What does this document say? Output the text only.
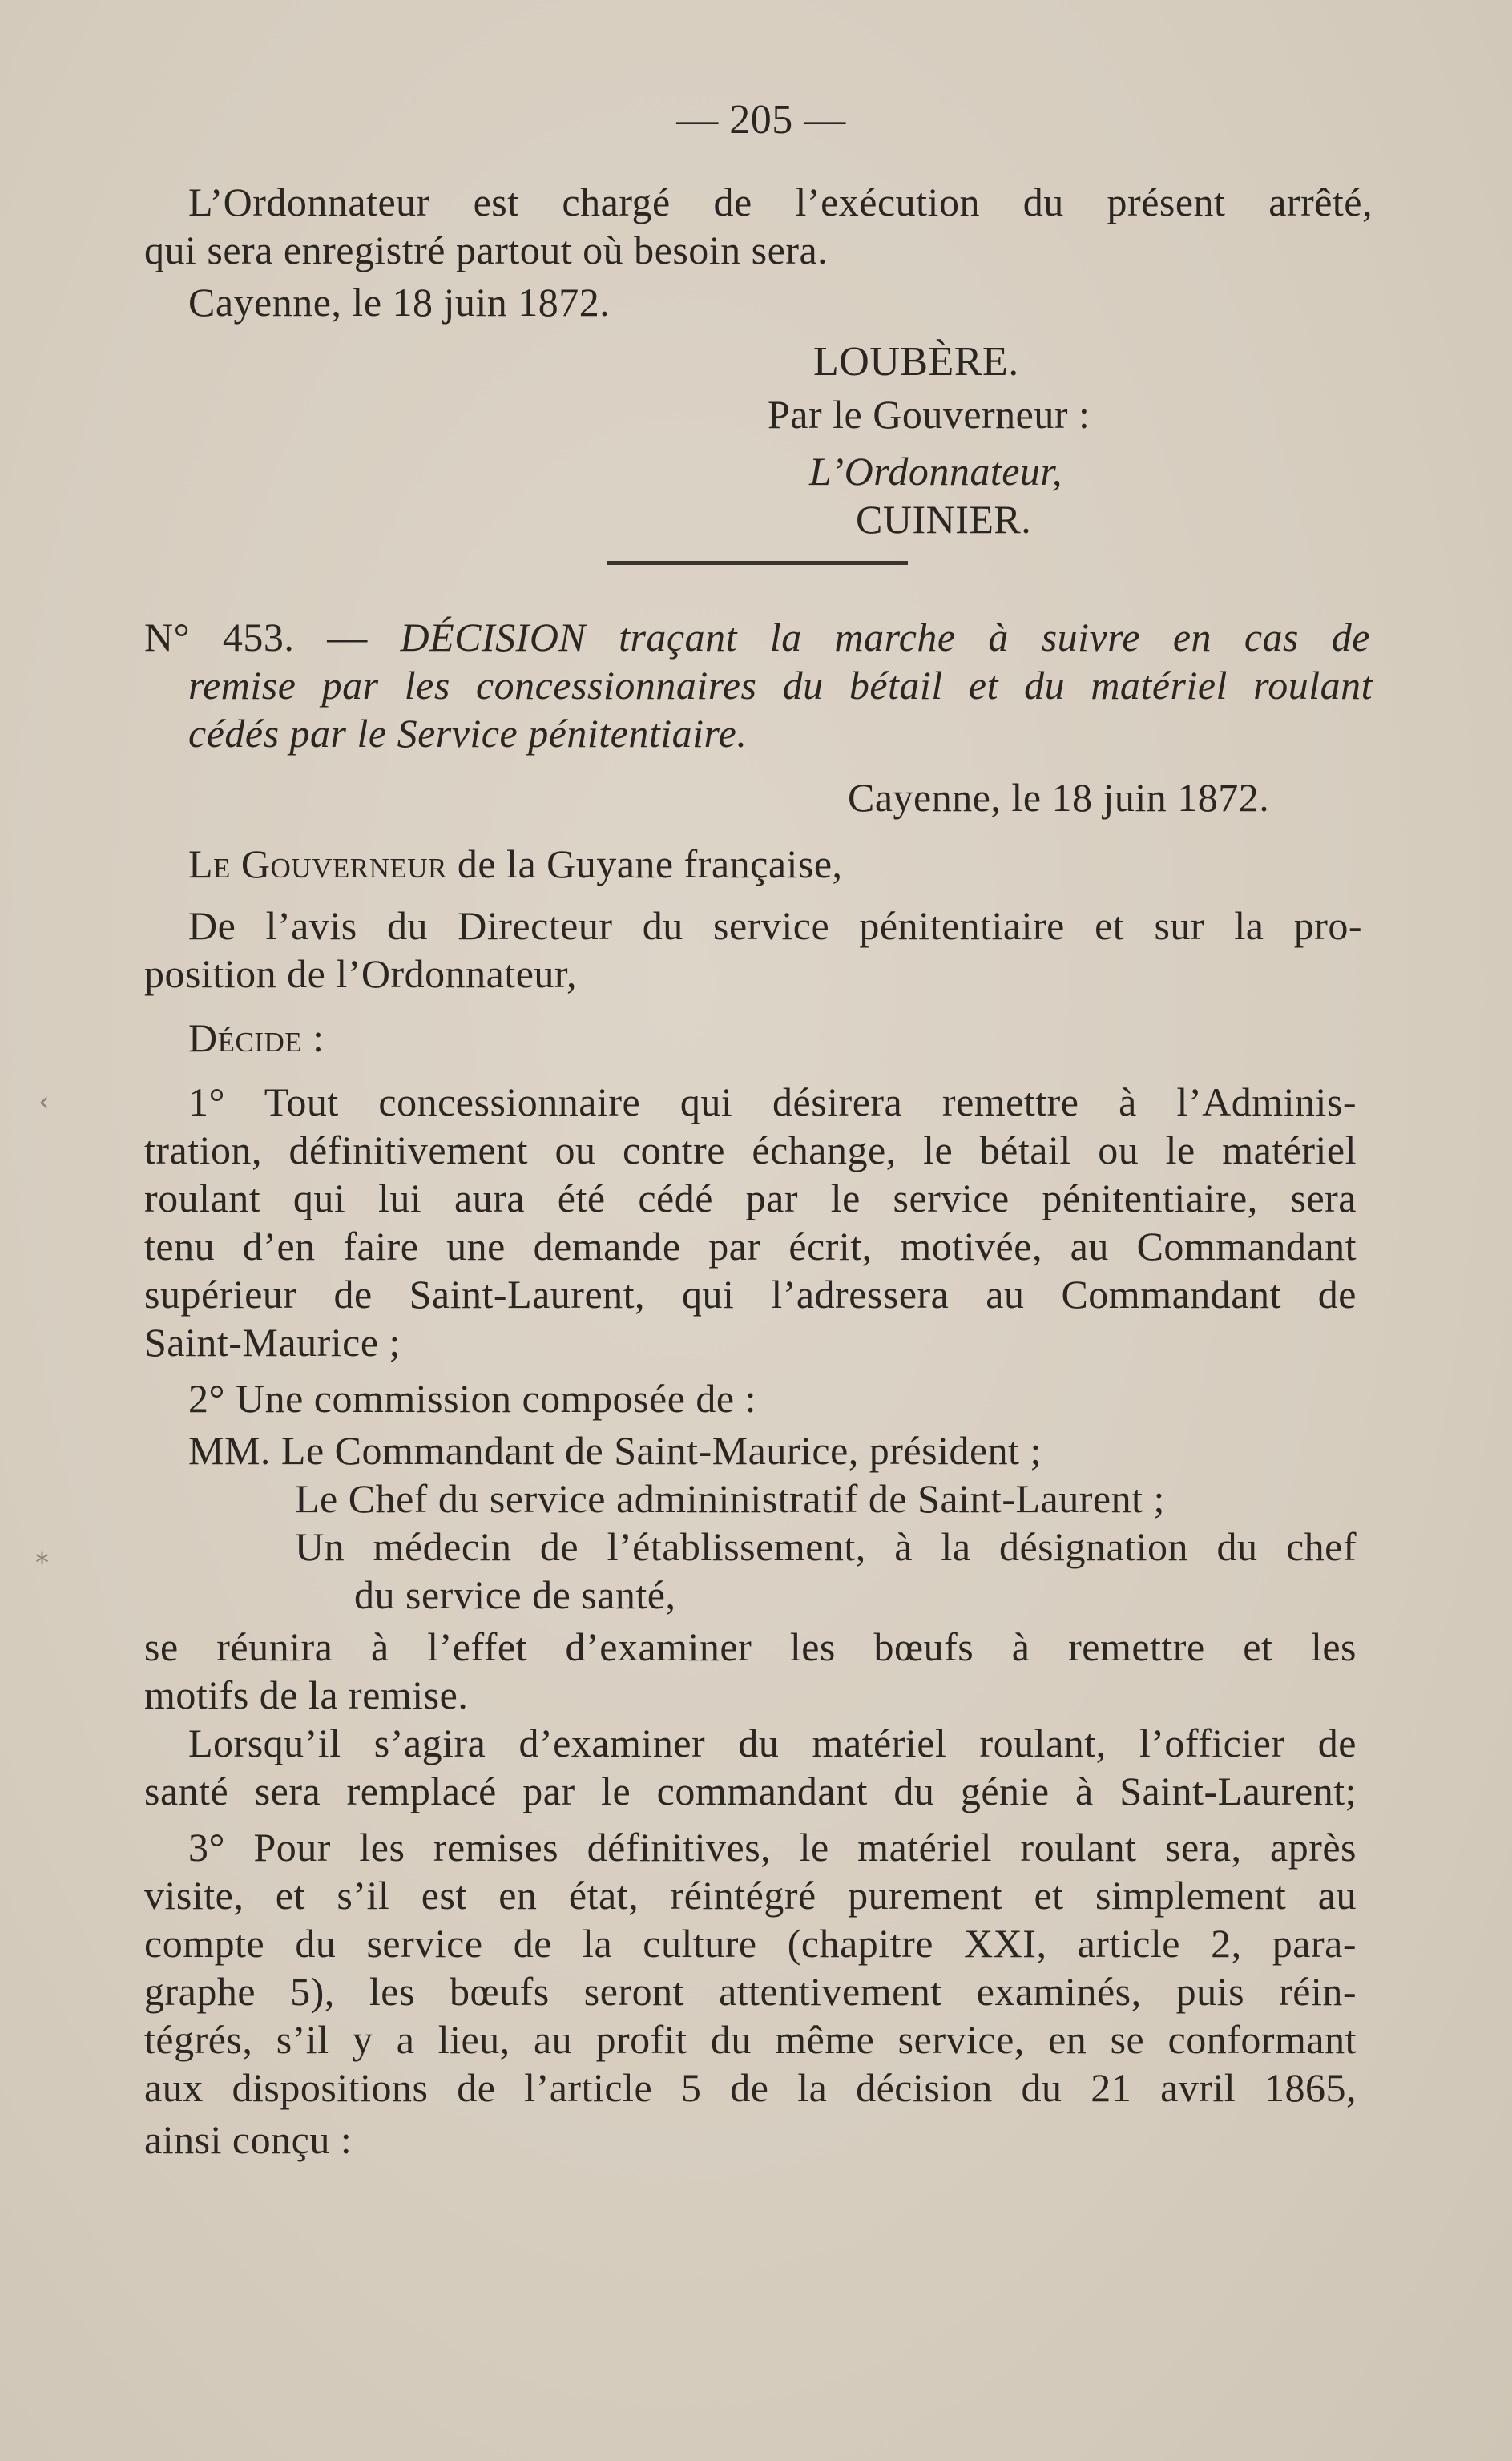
— 205 —
L’Ordonnateur est chargé de l’exécution du présent arrêté,
qui sera enregistré partout où besoin sera.
Cayenne, le 18 juin 1872.
LOUBÈRE.
Par le Gouverneur :
L’Ordonnateur,
CUINIER.
N° 453. — DÉCISION traçant la marche à suivre en cas de
remise par les concessionnaires du bétail et du matériel roulant
cédés par le Service pénitentiaire.
Cayenne, le 18 juin 1872.
Le Gouverneur de la Guyane française,
De l’avis du Directeur du service pénitentiaire et sur la pro-
position de l’Ordonnateur,
Décide :
1° Tout concessionnaire qui désirera remettre à l’Adminis-
tration, définitivement ou contre échange, le bétail ou le matériel
roulant qui lui aura été cédé par le service pénitentiaire, sera
tenu d’en faire une demande par écrit, motivée, au Commandant
supérieur de Saint-Laurent, qui l’adressera au Commandant de
Saint-Maurice ;
2° Une commission composée de :
MM. Le Commandant de Saint-Maurice, président ;
Le Chef du service admininistratif de Saint-Laurent ;
Un médecin de l’établissement, à la désignation du chef
du service de santé,
se réunira à l’effet d’examiner les bœufs à remettre et les
motifs de la remise.
Lorsqu’il s’agira d’examiner du matériel roulant, l’officier de
santé sera remplacé par le commandant du génie à Saint-Laurent;
3° Pour les remises définitives, le matériel roulant sera, après
visite, et s’il est en état, réintégré purement et simplement au
compte du service de la culture (chapitre XXI, article 2, para-
graphe 5), les bœufs seront attentivement examinés, puis réin-
tégrés, s’il y a lieu, au profit du même service, en se conformant
aux dispositions de l’article 5 de la décision du 21 avril 1865,
ainsi conçu :
‹
⁎
